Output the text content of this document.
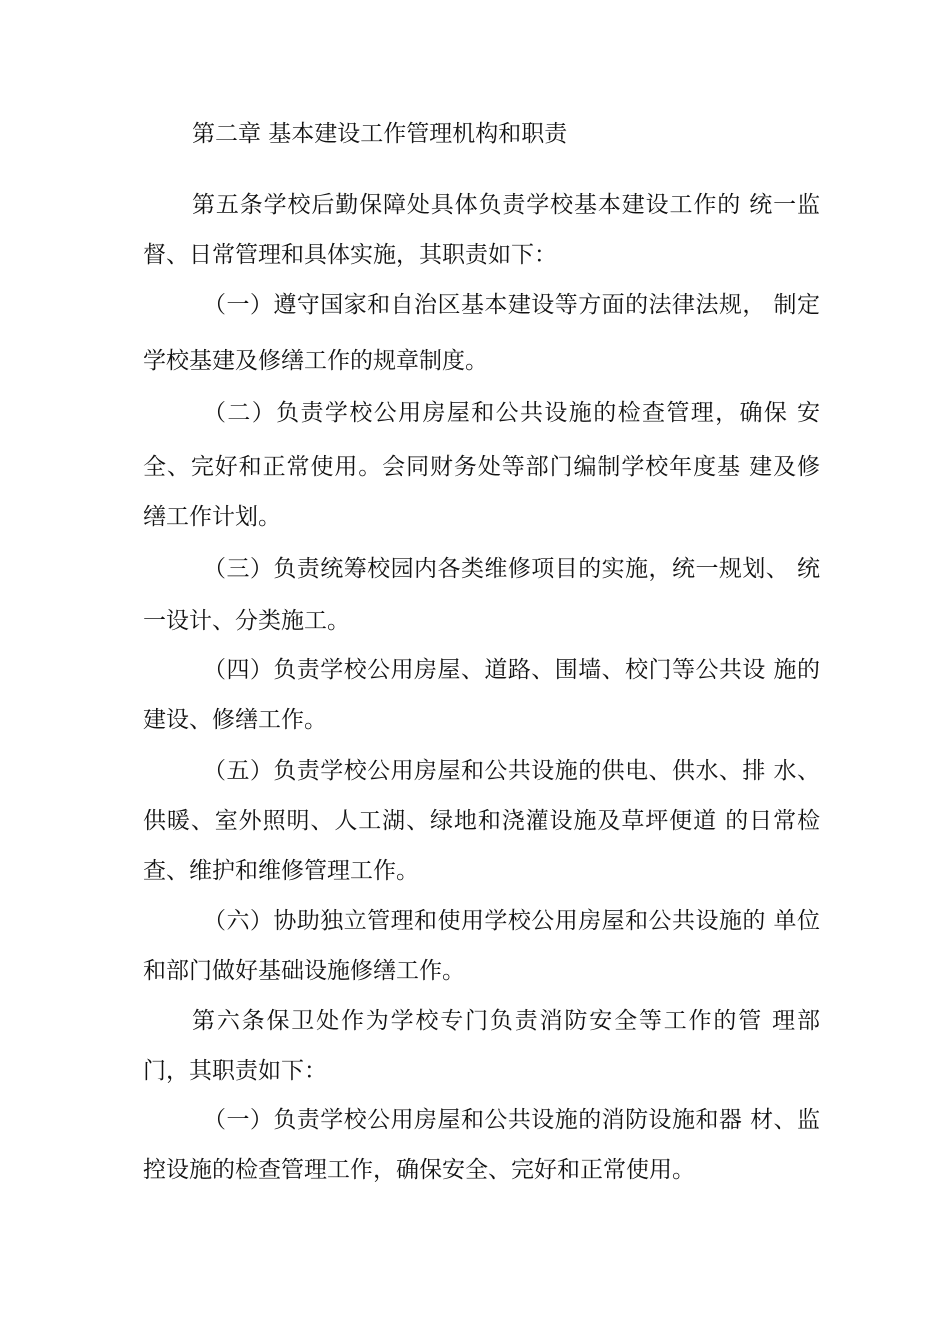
第二章 基本建设工作管理机构和职责

第五条学校后勤保障处具体负责学校基本建设工作的 统一监

督、日常管理和具体实施，其职责如下：

（一）遵守国家和自治区基本建设等方面的法律法规， 制定

学校基建及修缮工作的规章制度。

（二）负责学校公用房屋和公共设施的检查管理，确保 安

全、完好和正常使用。会同财务处等部门编制学校年度基 建及修

缮工作计划。

（三）负责统筹校园内各类维修项目的实施，统一规划、 统

一设计、分类施工。

（四）负责学校公用房屋、道路、围墙、校门等公共设 施的

建设、修缮工作。

（五）负责学校公用房屋和公共设施的供电、供水、排 水、

供暖、室外照明、人工湖、绿地和浇灌设施及草坪便道 的日常检

查、维护和维修管理工作。

（六）协助独立管理和使用学校公用房屋和公共设施的 单位

和部门做好基础设施修缮工作。

第六条保卫处作为学校专门负责消防安全等工作的管 理部

门，其职责如下：

（一）负责学校公用房屋和公共设施的消防设施和器 材、监

控设施的检查管理工作，确保安全、完好和正常使用。
